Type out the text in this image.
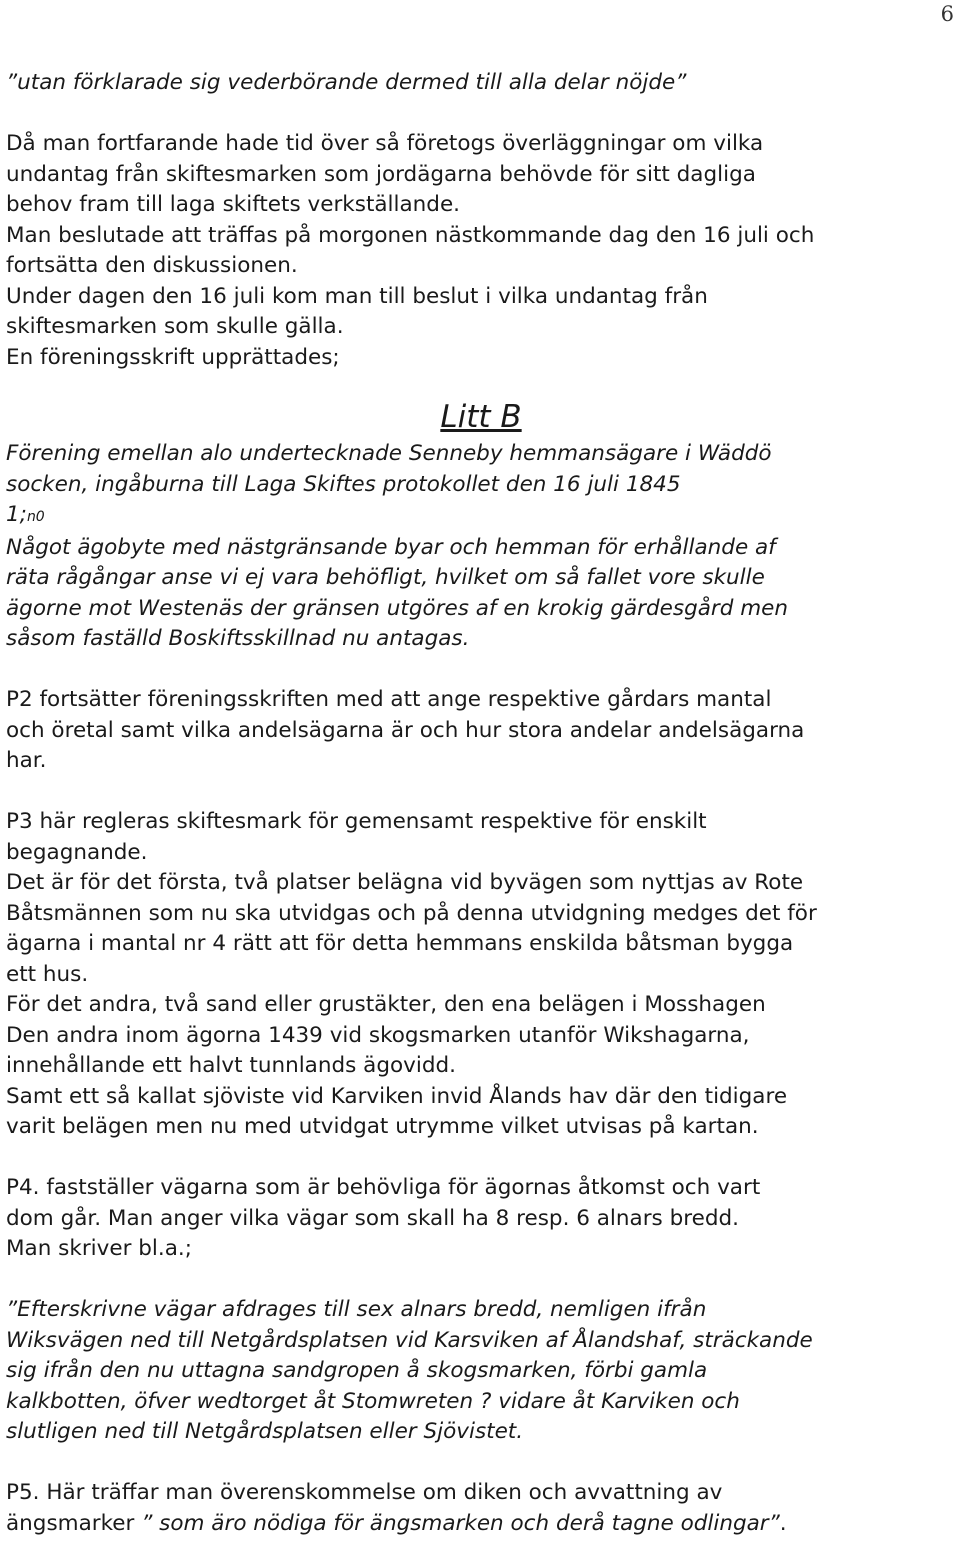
6

”utan förklarade sig vederbörande dermed till alla delar nöjde”

Då man fortfarande hade tid över så företogs överläggningar om vilka

undantag från skiftesmarken som jordägarna behövde för sitt dagliga

behov fram till laga skiftets verkställande.

Man beslutade att träffas på morgonen nästkommande dag den 16 juli och

fortsätta den diskussionen.

Under dagen den 16 juli kom man till beslut i vilka undantag från

skiftesmarken som skulle gälla.

En föreningsskrift upprättades;

Litt B

Förening emellan alo undertecknade Senneby hemmansägare i Wäddö

socken, ingåburna till Laga Skiftes protokollet den 16 juli 1845

1;n0

Något ägobyte med nästgränsande byar och hemman för erhållande af

räta rågångar anse vi ej vara behöfligt, hvilket om så fallet vore skulle

ägorne mot Westenäs der gränsen utgöres af en krokig gärdesgård men

såsom faställd Boskiftsskillnad nu antagas.

P2 fortsätter föreningsskriften med att ange respektive gårdars mantal

och öretal samt vilka andelsägarna är och hur stora andelar andelsägarna

har.

P3 här regleras skiftesmark för gemensamt respektive för enskilt

begagnande.

Det är för det första, två platser belägna vid byvägen som nyttjas av Rote

Båtsmännen som nu ska utvidgas och på denna utvidgning medges det för

ägarna i mantal nr 4 rätt att för detta hemmans enskilda båtsman bygga

ett hus.

För det andra, två sand eller grustäkter, den ena belägen i Mosshagen

Den andra inom ägorna 1439 vid skogsmarken utanför Wikshagarna,

innehållande ett halvt tunnlands ägovidd.

Samt ett så kallat sjöviste vid Karviken invid Ålands hav där den tidigare

varit belägen men nu med utvidgat utrymme vilket utvisas på kartan.

P4. fastställer vägarna som är behövliga för ägornas åtkomst och vart

dom går. Man anger vilka vägar som skall ha 8 resp. 6 alnars bredd.

Man skriver bl.a.;

”Efterskrivne vägar afdrages till sex alnars bredd, nemligen ifrån

Wiksvägen ned till Netgårdsplatsen vid Karsviken af Ålandshaf, sträckande

sig ifrån den nu uttagna sandgropen å skogsmarken, förbi gamla

kalkbotten, öfver wedtorget åt Stomwreten ? vidare åt Karviken och

slutligen ned till Netgårdsplatsen eller Sjövistet.

P5. Här träffar man överenskommelse om diken och avvattning av

ängsmarker ” som äro nödiga för ängsmarken och derå tagne odlingar”.
